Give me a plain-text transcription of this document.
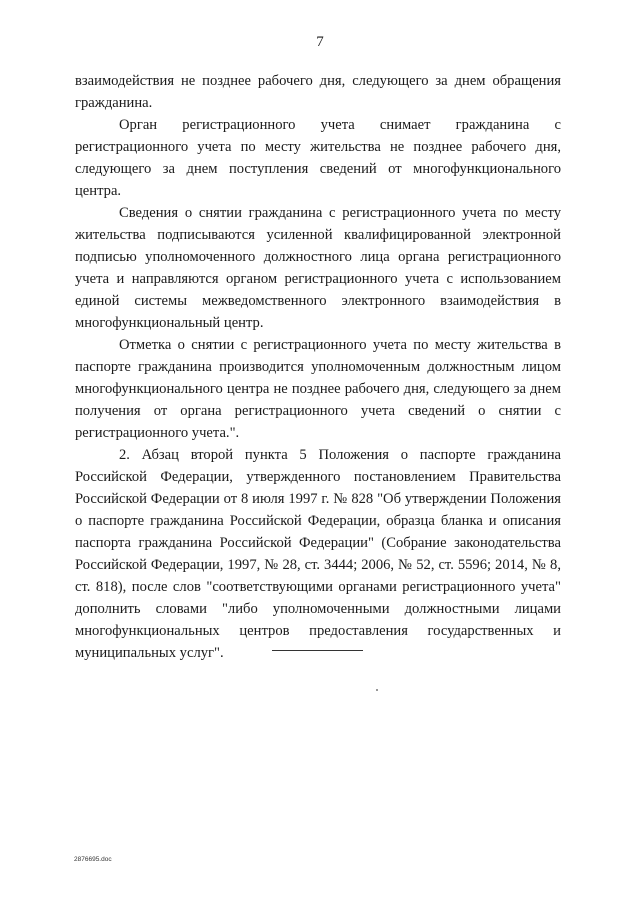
7

взаимодействия не позднее рабочего дня, следующего за днем обращения гражданина.

Орган регистрационного учета снимает гражданина с регистрационного учета по месту жительства не позднее рабочего дня, следующего за днем поступления сведений от многофункционального центра.

Сведения о снятии гражданина с регистрационного учета по месту жительства подписываются усиленной квалифицированной электронной подписью уполномоченного должностного лица органа регистрационного учета и направляются органом регистрационного учета с использованием единой системы межведомственного электронного взаимодействия в многофункциональный центр.

Отметка о снятии с регистрационного учета по месту жительства в паспорте гражданина производится уполномоченным должностным лицом многофункционального центра не позднее рабочего дня, следующего за днем получения от органа регистрационного учета сведений о снятии с регистрационного учета.".

2. Абзац второй пункта 5 Положения о паспорте гражданина Российской Федерации, утвержденного постановлением Правительства Российской Федерации от 8 июля 1997 г. № 828 "Об утверждении Положения о паспорте гражданина Российской Федерации, образца бланка и описания паспорта гражданина Российской Федерации" (Собрание законодательства Российской Федерации, 1997, № 28, ст. 3444; 2006, № 52, ст. 5596; 2014, № 8, ст. 818), после слов "соответствующими органами регистрационного учета" дополнить словами "либо уполномоченными должностными лицами многофункциональных центров предоставления государственных и муниципальных услуг".

2876695.doc
